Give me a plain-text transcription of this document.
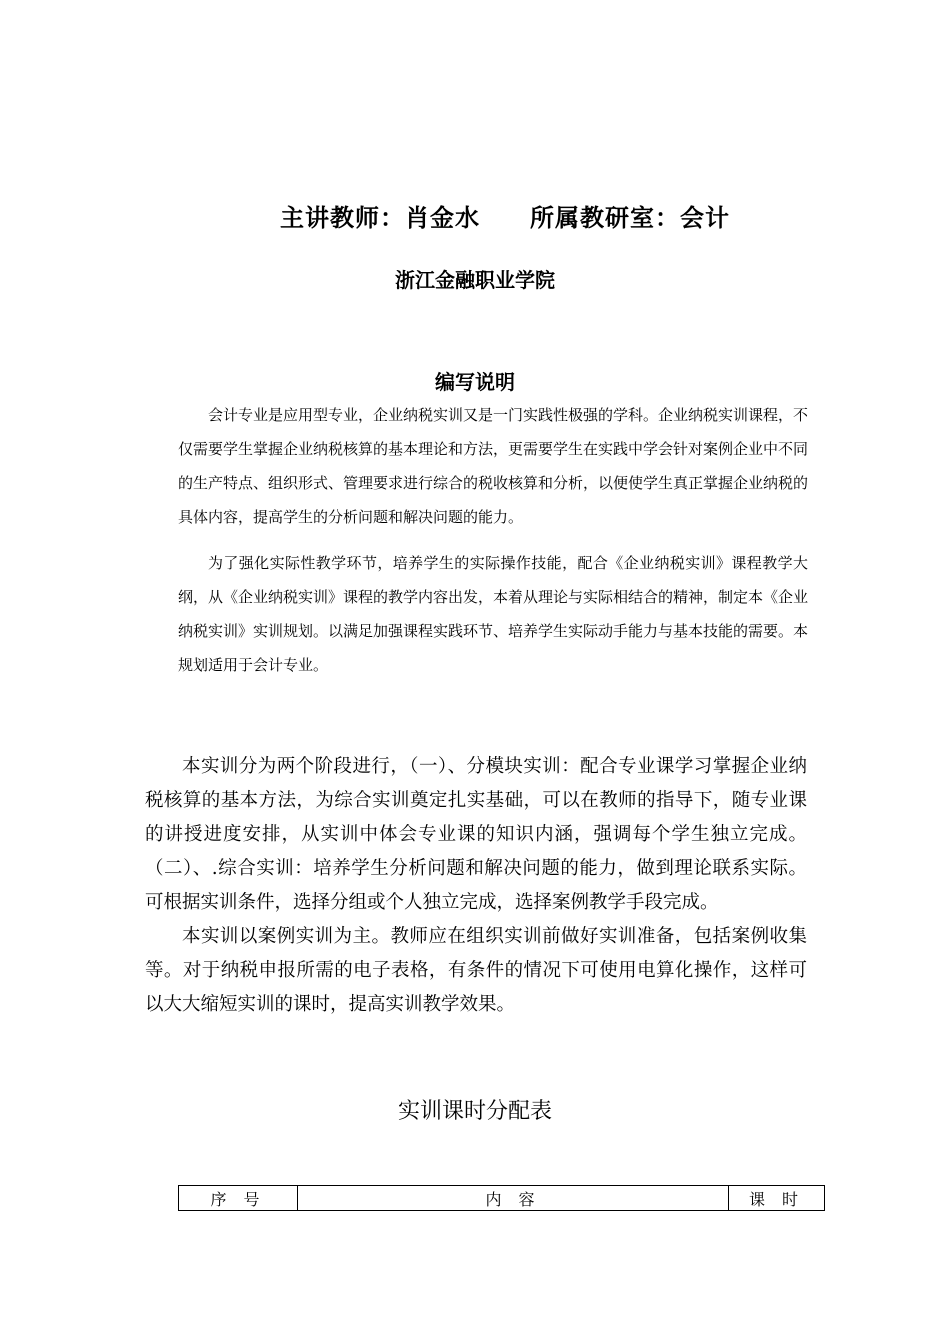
主讲教师：肖金水 所属教研室：会计
浙江金融职业学院
编写说明

会计专业是应用型专业，企业纳税实训又是一门实践性极强的学科。企业纳税实训课程，不仅需要学生掌握企业纳税核算的基本理论和方法，更需要学生在实践中学会针对案例企业中不同的生产特点、组织形式、管理要求进行综合的税收核算和分析，以便使学生真正掌握企业纳税的具体内容，提高学生的分析问题和解决问题的能力。

为了强化实际性教学环节，培养学生的实际操作技能，配合《企业纳税实训》课程教学大纲，从《企业纳税实训》课程的教学内容出发，本着从理论与实际相结合的精神，制定本《企业纳税实训》实训规划。以满足加强课程实践环节、培养学生实际动手能力与基本技能的需要。本规划适用于会计专业。

本实训分为两个阶段进行，（一）、分模块实训：配合专业课学习掌握企业纳税核算的基本方法，为综合实训奠定扎实基础，可以在教师的指导下，随专业课的讲授进度安排，从实训中体会专业课的知识内涵，强调每个学生独立完成。（二）、.综合实训：培养学生分析问题和解决问题的能力，做到理论联系实际。可根据实训条件，选择分组或个人独立完成，选择案例教学手段完成。

本实训以案例实训为主。教师应在组织实训前做好实训准备，包括案例收集等。对于纳税申报所需的电子表格，有条件的情况下可使用电算化操作，这样可以大大缩短实训的课时，提高实训教学效果。

实训课时分配表
序 号	内 容	课 时
